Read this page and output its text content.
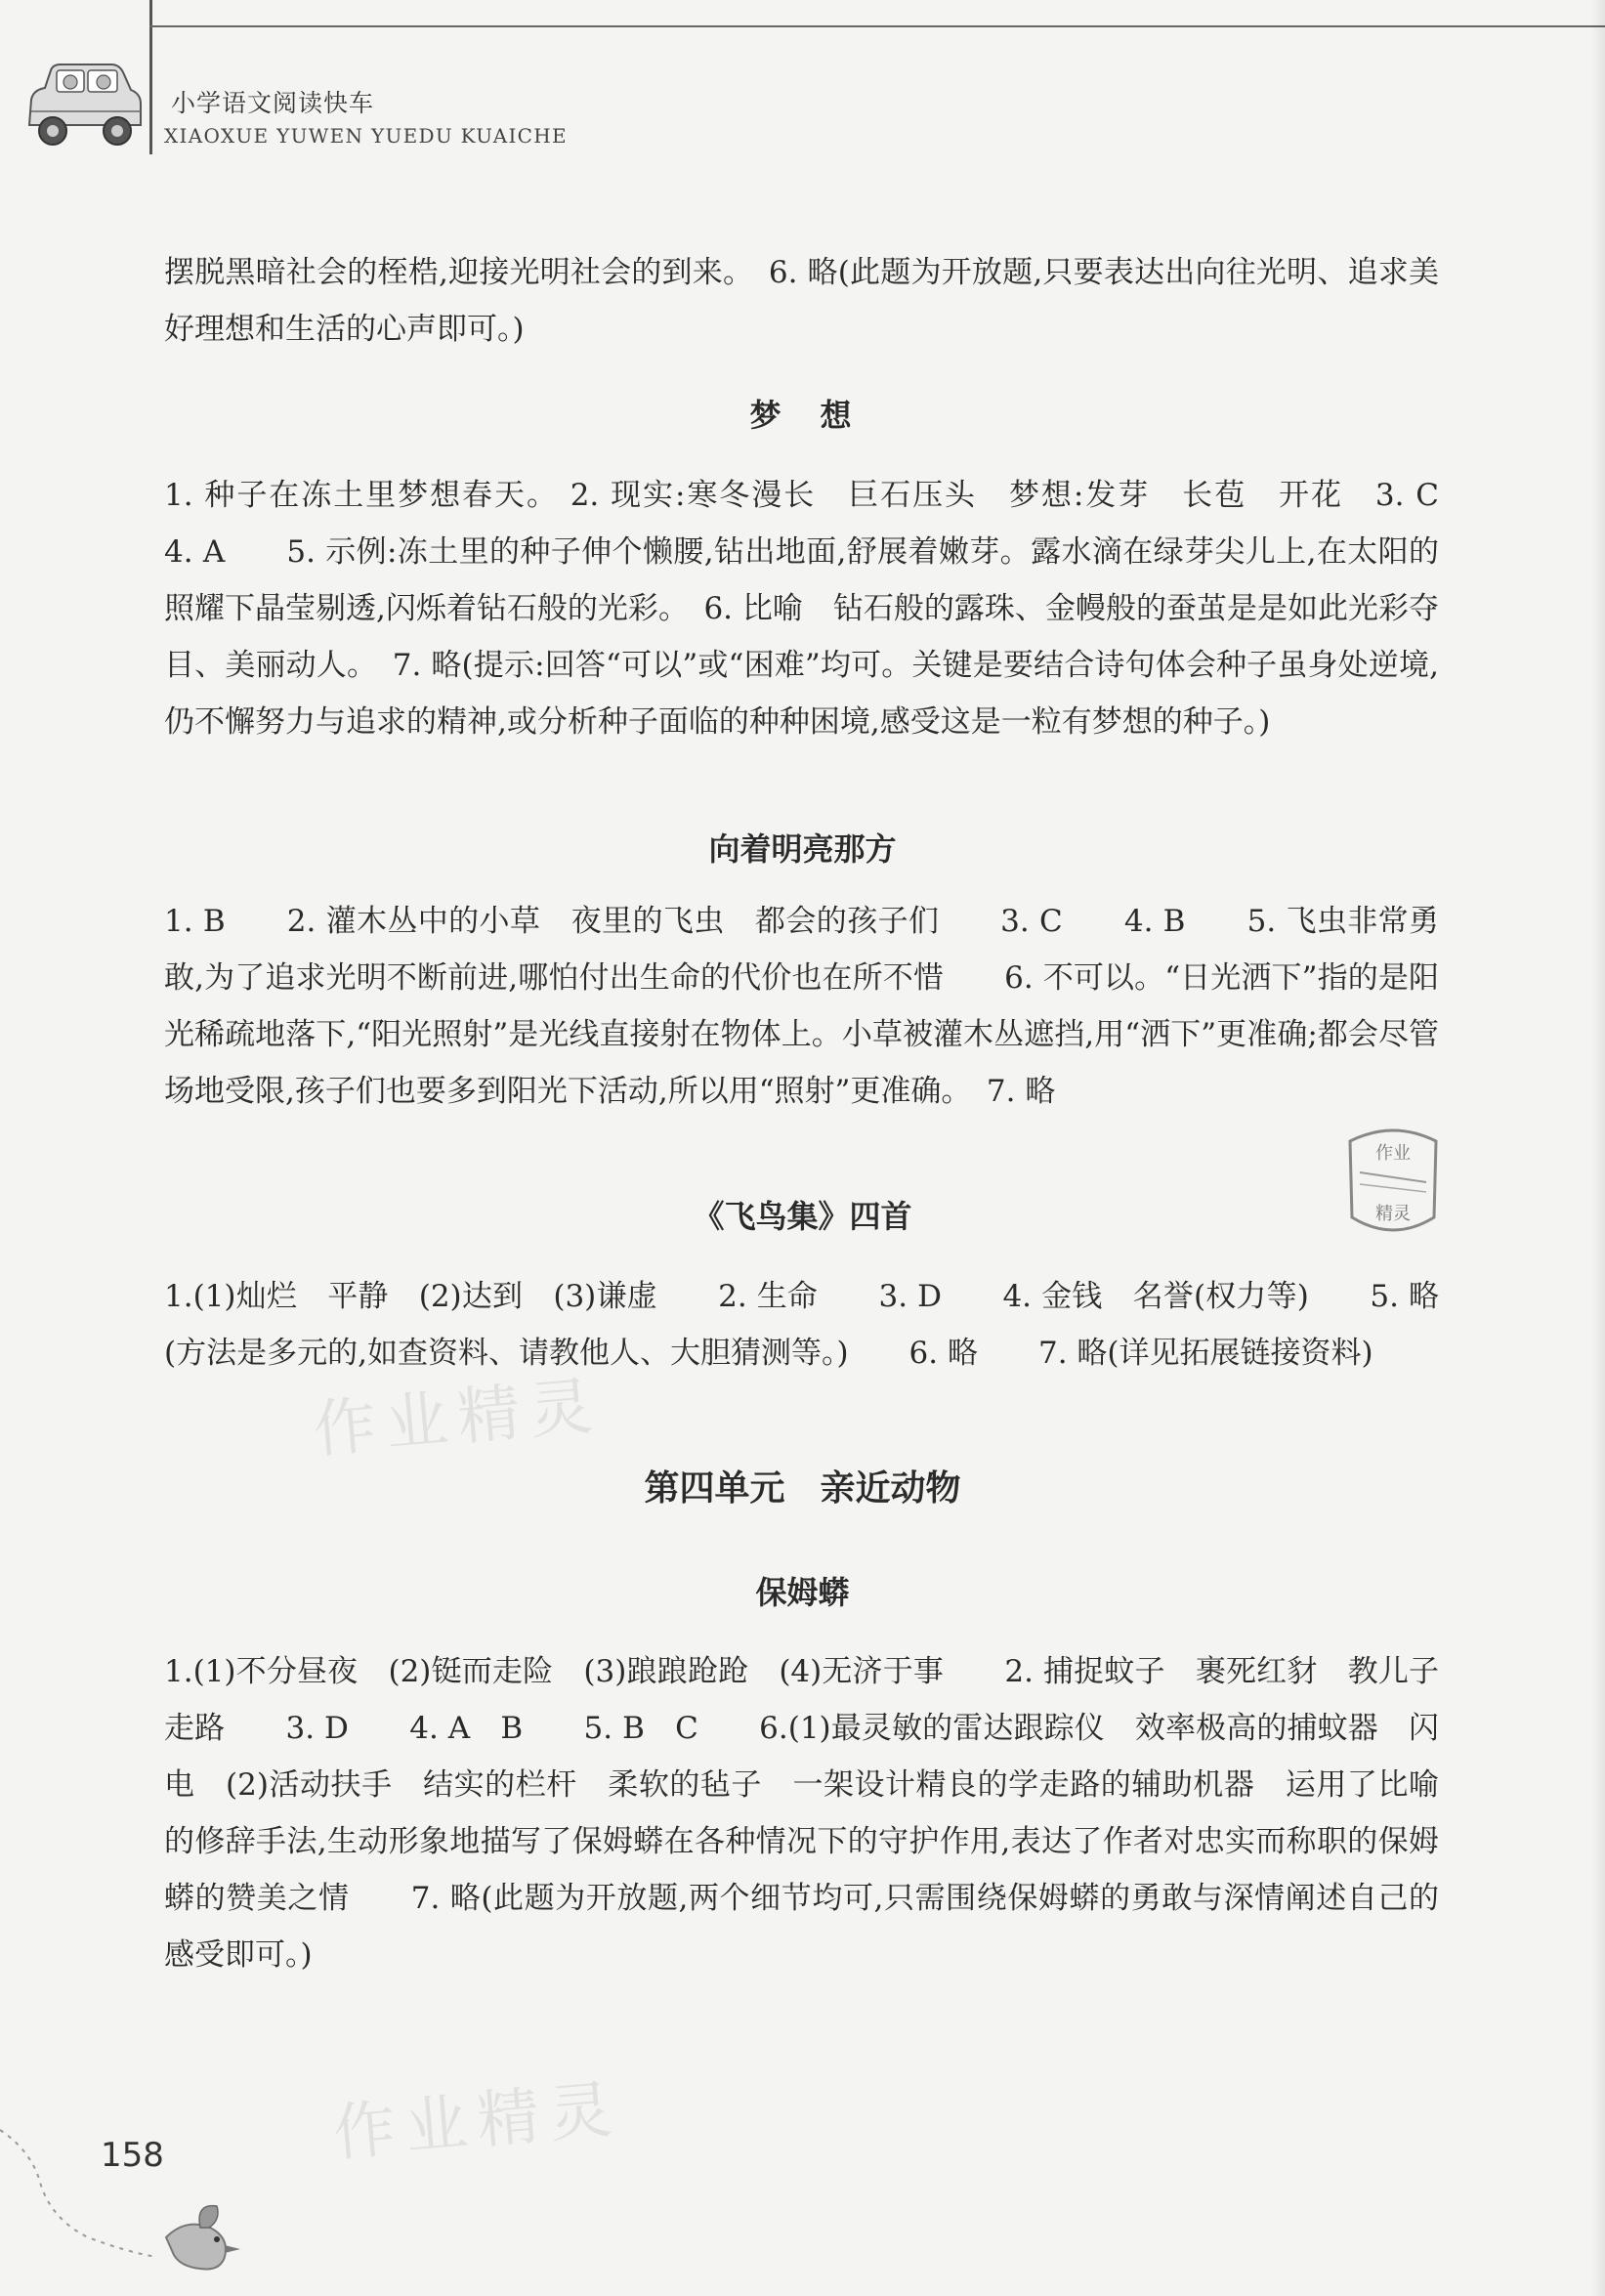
小学语文阅读快车
XIAOXUE YUWEN YUEDU KUAICHE

摆脱黑暗社会的桎梏,迎接光明社会的到来。　6. 略(此题为开放题,只要表达出向往光明、追求美好理想和生活的心声即可。)

梦　想

1. 种子在冻土里梦想春天。 2. 现实:寒冬漫长　巨石压头　梦想:发芽　长苞　开花　3. C　　4. A　　5. 示例:冻土里的种子伸个懒腰,钻出地面,舒展着嫩芽。露水滴在绿芽尖儿上,在太阳的照耀下晶莹剔透,闪烁着钻石般的光彩。　6. 比喻　钻石般的露珠、金幔般的蚕茧是是如此光彩夺目、美丽动人。　7. 略(提示:回答“可以”或“困难”均可。关键是要结合诗句体会种子虽身处逆境,仍不懈努力与追求的精神,或分析种子面临的种种困境,感受这是一粒有梦想的种子。)

向着明亮那方

1. B　　2. 灌木丛中的小草　夜里的飞虫　都会的孩子们　　3. C　　4. B　　5. 飞虫非常勇敢,为了追求光明不断前进,哪怕付出生命的代价也在所不惜　　6. 不可以。“日光洒下”指的是阳光稀疏地落下,“阳光照射”是光线直接射在物体上。小草被灌木丛遮挡,用“洒下”更准确;都会尽管场地受限,孩子们也要多到阳光下活动,所以用“照射”更准确。　7. 略

《飞鸟集》四首

1.(1)灿烂　平静　(2)达到　(3)谦虚　　2. 生命　　3. D　　4. 金钱　名誉(权力等)　　5. 略(方法是多元的,如查资料、请教他人、大胆猜测等。)　　6. 略　　7. 略(详见拓展链接资料)

第四单元　亲近动物
保姆蟒

1.(1)不分昼夜　(2)铤而走险　(3)踉踉跄跄　(4)无济于事　　2. 捕捉蚊子　裹死红豺　教儿子走路　　3. D　　4. A　B　　5. B　C　　6.(1)最灵敏的雷达跟踪仪　效率极高的捕蚊器　闪电　(2)活动扶手　结实的栏杆　柔软的毡子　一架设计精良的学走路的辅助机器　运用了比喻的修辞手法,生动形象地描写了保姆蟒在各种情况下的守护作用,表达了作者对忠实而称职的保姆蟒的赞美之情　　7. 略(此题为开放题,两个细节均可,只需围绕保姆蟒的勇敢与深情阐述自己的感受即可。)

作业
精灵
作业精灵
作业精灵
158
